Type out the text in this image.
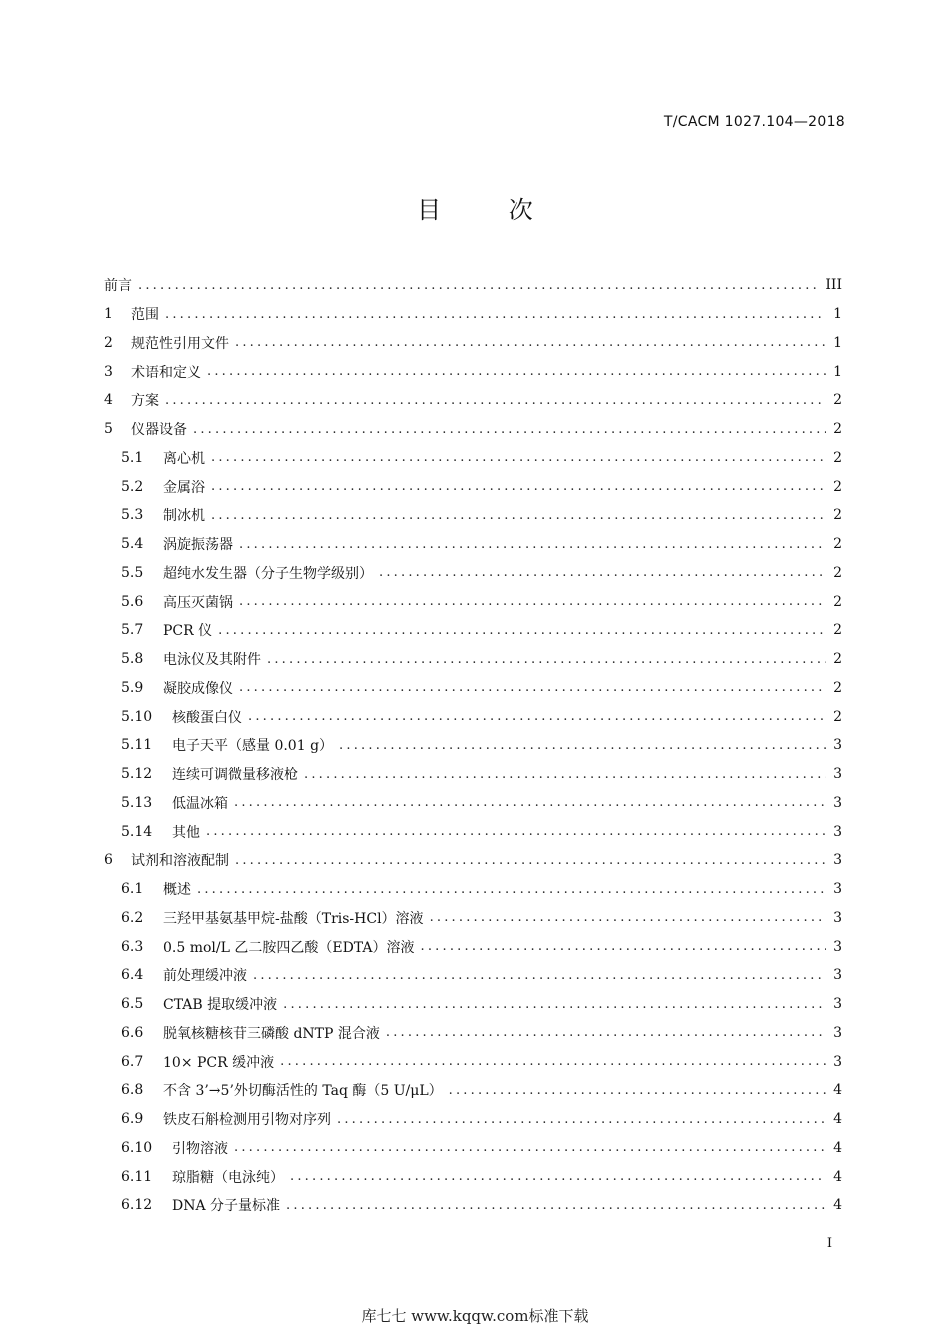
T/CACM 1027.104—2018
目 次
前言 .....	III
1	范围 .....	1
2	规范性引用文件 .....	1
3	术语和定义 .....	1
4	方案 .....	2
5	仪器设备 .....	2
5.1	离心机 .....	2
5.2	金属浴 .....	2
5.3	制冰机 .....	2
5.4	涡旋振荡器 .....	2
5.5	超纯水发生器（分子生物学级别） .....	2
5.6	高压灭菌锅 .....	2
5.7	PCR 仪 .....	2
5.8	电泳仪及其附件 .....	2
5.9	凝胶成像仪 .....	2
5.10	核酸蛋白仪 .....	2
5.11	电子天平（感量 0.01 g） .....	3
5.12	连续可调微量移液枪 .....	3
5.13	低温冰箱 .....	3
5.14	其他 .....	3
6	试剂和溶液配制 .....	3
6.1	概述 .....	3
6.2	三羟甲基氨基甲烷-盐酸（Tris-HCl）溶液 .....	3
6.3	0.5 mol/L 乙二胺四乙酸（EDTA）溶液 .....	3
6.4	前处理缓冲液 .....	3
6.5	CTAB 提取缓冲液 .....	3
6.6	脱氧核糖核苷三磷酸 dNTP 混合液 .....	3
6.7	10× PCR 缓冲液 .....	3
6.8	不含 3’→5’外切酶活性的 Taq 酶（5 U/μL） .....	4
6.9	铁皮石斛检测用引物对序列 .....	4
6.10	引物溶液 .....	4
6.11	琼脂糖（电泳纯） .....	4
6.12	DNA 分子量标准 .....	4
I
库七七 www.kqqw.com标准下载
